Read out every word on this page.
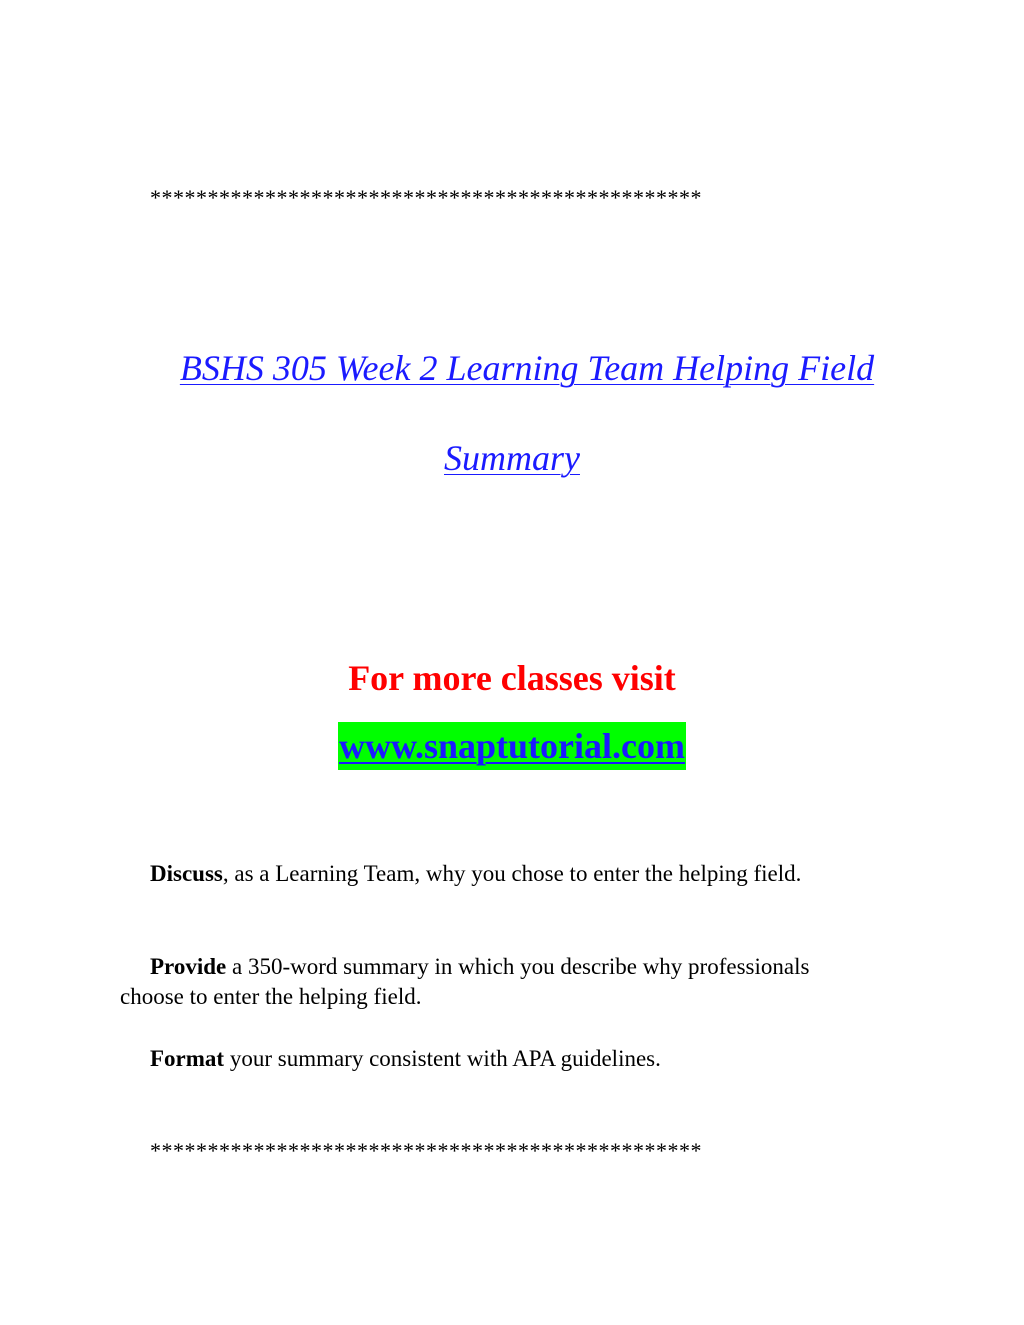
************************************************
BSHS 305 Week 2 Learning Team Helping Field
Summary
For more classes visit
www.snaptutorial.com
Discuss, as a Learning Team, why you chose to enter the helping field.
Provide a 350-word summary in which you describe why professionals choose to enter the helping field.
Format your summary consistent with APA guidelines.
************************************************
